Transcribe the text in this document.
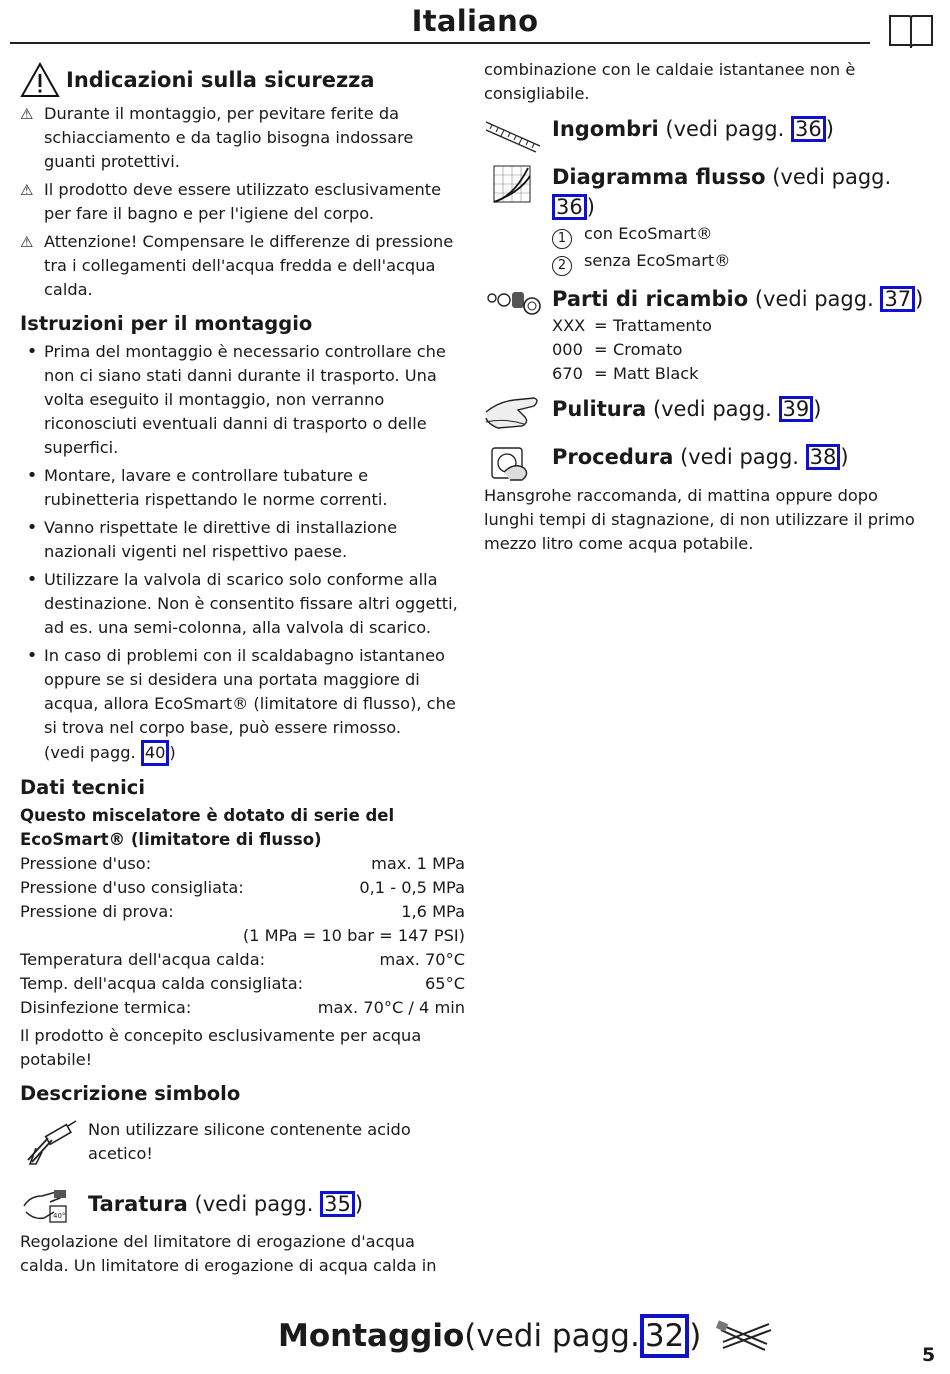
Italiano
Indicazioni sulla sicurezza
⚠ Durante il montaggio, per pevitare ferite da schiacciamento e da taglio bisogna indossare guanti protettivi.
⚠ Il prodotto deve essere utilizzato esclusivamente per fare il bagno e per l'igiene del corpo.
⚠ Attenzione! Compensare le differenze di pressione tra i collegamenti dell'acqua fredda e dell'acqua calda.
Istruzioni per il montaggio
• Prima del montaggio è necessario controllare che non ci siano stati danni durante il trasporto. Una volta eseguito il montaggio, non verranno riconosciuti eventuali danni di trasporto o delle superfici.
• Montare, lavare e controllare tubature e rubinetteria rispettando le norme correnti.
• Vanno rispettate le direttive di installazione nazionali vigenti nel rispettivo paese.
• Utilizzare la valvola di scarico solo conforme alla destinazione. Non è consentito fissare altri oggetti, ad es. una semi-colonna, alla valvola di scarico.
• In caso di problemi con il scaldabagno istantaneo oppure se si desidera una portata maggiore di acqua, allora EcoSmart® (limitatore di flusso), che si trova nel corpo base, può essere rimosso.
(vedi pagg. 40 )
Dati tecnici
Questo miscelatore è dotato di serie del EcoSmart® (limitatore di flusso)
Pressione d'uso:	max. 1 MPa
Pressione d'uso consigliata:	0,1 - 0,5 MPa
Pressione di prova:	1,6 MPa
(1 MPa = 10 bar = 147 PSI)
Temperatura dell'acqua calda:	max. 70°C
Temp. dell'acqua calda consigliata:	65°C
Disinfezione termica:	max. 70°C / 4 min
Il prodotto è concepito esclusivamente per acqua potabile!
Descrizione simbolo
Non utilizzare silicone contenente acido acetico!
40° Taratura (vedi pagg. 35 )
Regolazione del limitatore di erogazione d'acqua calda. Un limitatore di erogazione di acqua calda in
combinazione con le caldaie istantanee non è consigliabile.
Ingombri (vedi pagg. 36 )
Diagramma flusso (vedi pagg. 36 )
1 con EcoSmart®
2 senza EcoSmart®
Parti di ricambio (vedi pagg. 37 )
XXX = Trattamento
000 = Cromato
670 = Matt Black
Pulitura (vedi pagg. 39 )
Procedura (vedi pagg. 38 )
Hansgrohe raccomanda, di mattina oppure dopo lunghi tempi di stagnazione, di non utilizzare il primo mezzo litro come acqua potabile.
Montaggio (vedi pagg. 32 )
5
